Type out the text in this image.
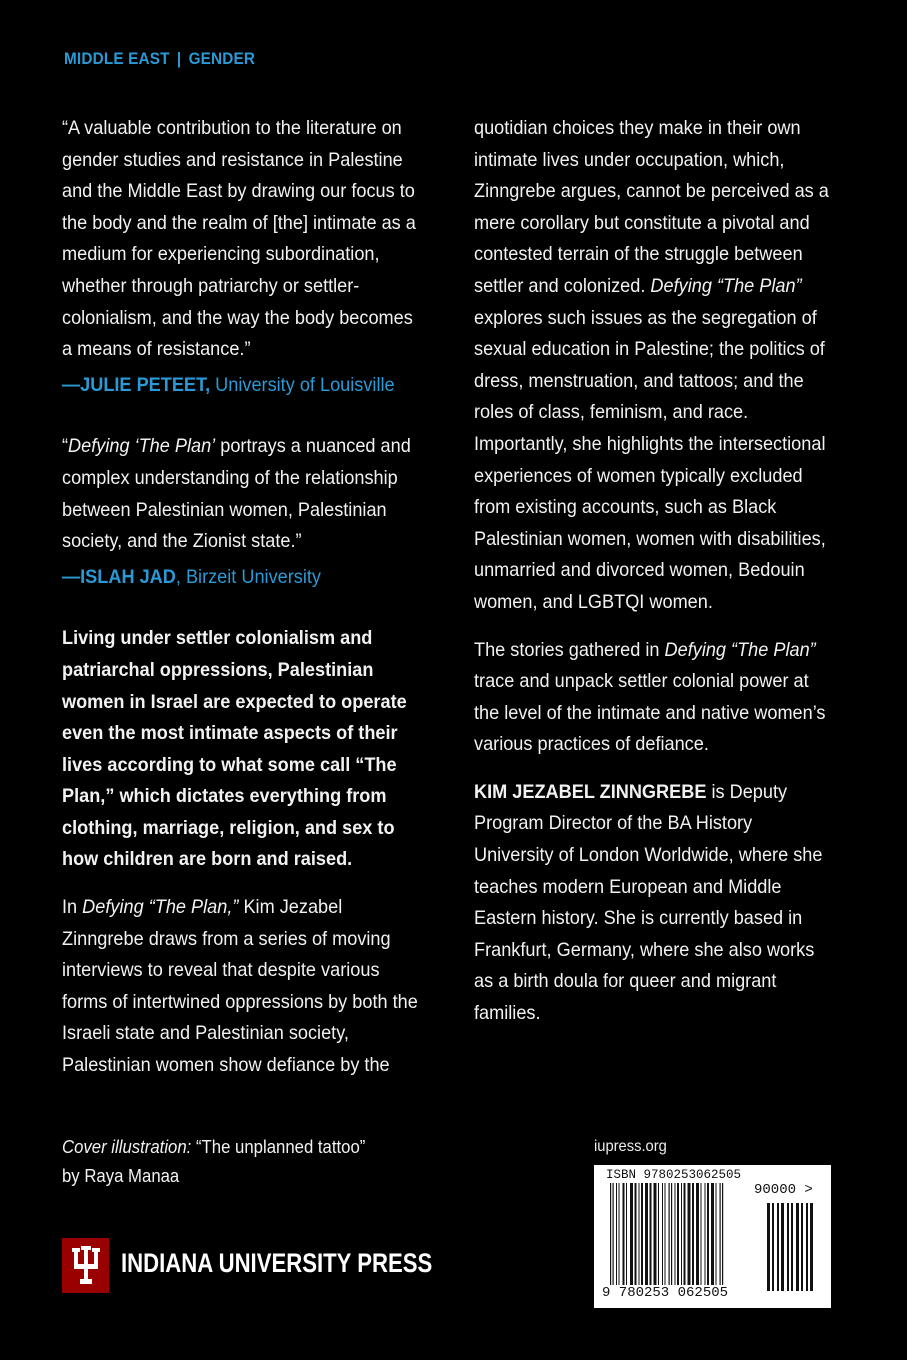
MIDDLE EAST | GENDER

“A valuable contribution to the literature on gender studies and resistance in Palestine and the Middle East by drawing our focus to the body and the realm of [the] intimate as a medium for experiencing subordination, whether through patriarchy or settler-colonialism, and the way the body becomes a means of resistance.”

—JULIE PETEET, University of Louisville

“Defying ‘The Plan’ portrays a nuanced and complex understanding of the relationship between Palestinian women, Palestinian society, and the Zionist state.”

—ISLAH JAD, Birzeit University

Living under settler colonialism and patriarchal oppressions, Palestinian women in Israel are expected to operate even the most intimate aspects of their lives according to what some call “The Plan,” which dictates everything from clothing, marriage, religion, and sex to how children are born and raised.

In Defying “The Plan,” Kim Jezabel Zinngrebe draws from a series of moving interviews to reveal that despite various forms of intertwined oppressions by both the Israeli state and Palestinian society, Palestinian women show defiance by the

quotidian choices they make in their own intimate lives under occupation, which, Zinngrebe argues, cannot be perceived as a mere corollary but constitute a pivotal and contested terrain of the struggle between settler and colonized. Defying “The Plan” explores such issues as the segregation of sexual education in Palestine; the politics of dress, menstruation, and tattoos; and the roles of class, feminism, and race. Importantly, she highlights the intersectional experiences of women typically excluded from existing accounts, such as Black Palestinian women, women with disabilities, unmarried and divorced women, Bedouin women, and LGBTQI women.

The stories gathered in Defying “The Plan” trace and unpack settler colonial power at the level of the intimate and native women’s various practices of defiance.

KIM JEZABEL ZINNGREBE is Deputy Program Director of the BA History University of London Worldwide, where she teaches modern European and Middle Eastern history. She is currently based in Frankfurt, Germany, where she also works as a birth doula for queer and migrant families.

Cover illustration: “The unplanned tattoo”
by Raya Manaa
INDIANA UNIVERSITY PRESS
iupress.org
ISBN 9780253062505
90000 >
9 780253 062505
